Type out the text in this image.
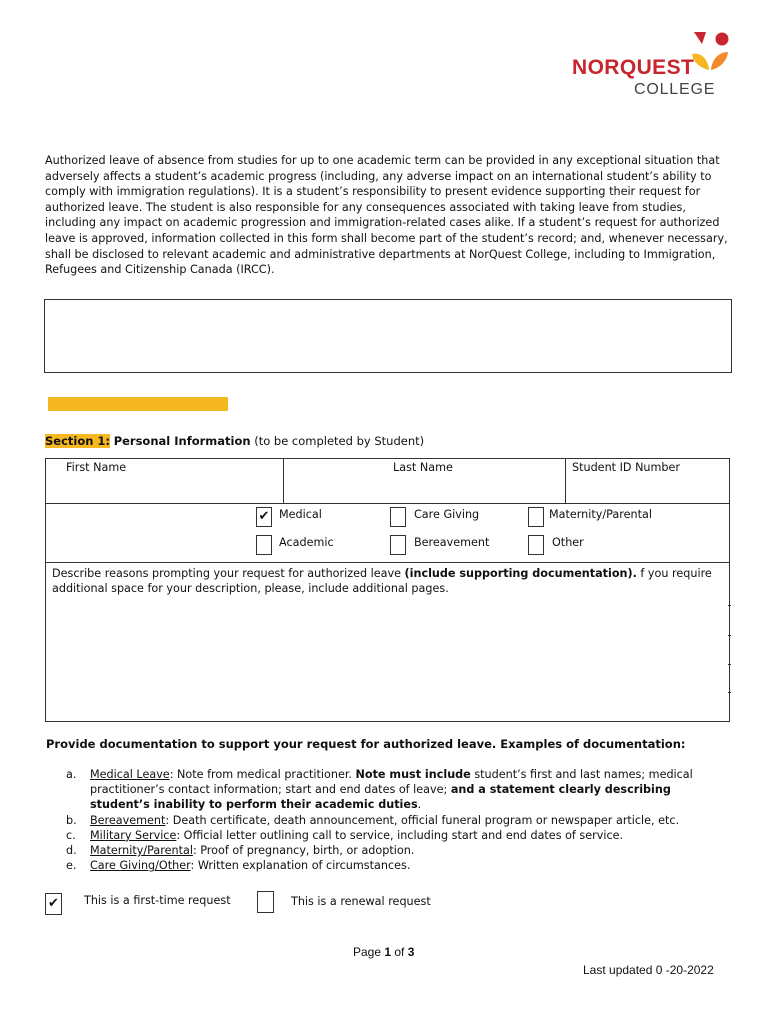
NORQUEST
COLLEGE
Authorized leave of absence from studies for up to one academic term can be provided in any exceptional situation that adversely affects a student’s academic progress (including, any adverse impact on an international student’s ability to comply with immigration regulations). It is a student’s responsibility to present evidence supporting their request for authorized leave. The student is also responsible for any consequences associated with taking leave from studies, including any impact on academic progression and immigration-related cases alike. If a student’s request for authorized leave is approved, information collected in this form shall become part of the student’s record; and, whenever necessary, shall be disclosed to relevant academic and administrative departments at NorQuest College, including to Immigration, Refugees and Citizenship Canada (IRCC).
Section 1: Personal Information (to be completed by Student)
First Name	Last Name	Student ID Number
✔ Medical	Care Giving	Maternity/Parental
Academic	Bereavement	Other
Describe reasons prompting your request for authorized leave (include supporting documentation). f you require additional space for your description, please, include additional pages.
Provide documentation to support your request for authorized leave. Examples of documentation:
a. Medical Leave: Note from medical practitioner. Note must include student’s first and last names; medical practitioner’s contact information; start and end dates of leave; and a statement clearly describing student’s inability to perform their academic duties.
b. Bereavement: Death certificate, death announcement, official funeral program or newspaper article, etc.
c. Military Service: Official letter outlining call to service, including start and end dates of service.
d. Maternity/Parental: Proof of pregnancy, birth, or adoption.
e. Care Giving/Other: Written explanation of circumstances.
✔ This is a first-time request	This is a renewal request
Page 1 of 3
Last updated 0 -20-2022
